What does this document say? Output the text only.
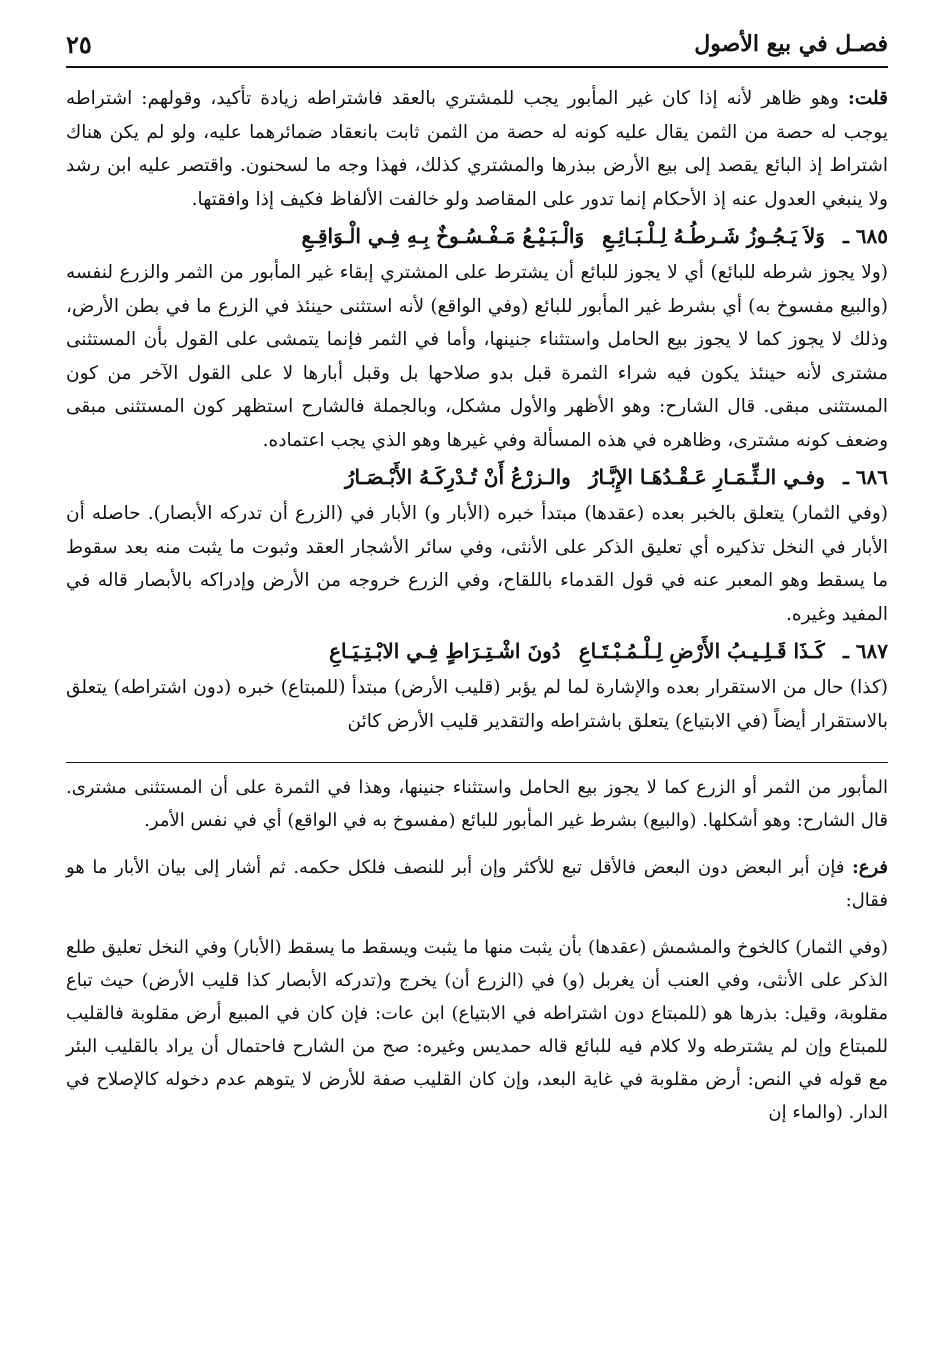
فصـل في بيع الأصول
٢٥

قلت: وهو ظاهر لأنه إذا كان غير المأبور يجب للمشتري بالعقد فاشتراطه زيادة تأكيد، وقولهم: اشتراطه يوجب له حصة من الثمن يقال عليه كونه له حصة من الثمن ثابت بانعقاد ضمائرهما عليه، ولو لم يكن هناك اشتراط إذ البائع يقصد إلى بيع الأرض ببذرها والمشتري كذلك، فهذا وجه ما لسحنون. واقتصر عليه ابن رشد ولا ينبغي العدول عنه إذ الأحكام إنما تدور على المقاصد ولو خالفت الألفاظ فكيف إذا وافقتها.

٦٨٥ ـ
وَلاَ يَـجُـوزُ شَـرطُـهُ لِـلْـبَـائِـعِ
وَالْـبَـيْـعُ مَـفْـسُـوخٌ بِـهِ فِـي الْـوَاقِـعِ

(ولا يجوز شرطه للبائع) أي لا يجوز للبائع أن يشترط على المشتري إبقاء غير المأبور من الثمر والزرع لنفسه (والبيع مفسوخ به) أي بشرط غير المأبور للبائع (وفي الواقع) لأنه استثنى حينئذ في الزرع ما في بطن الأرض، وذلك لا يجوز كما لا يجوز بيع الحامل واستثناء جنينها، وأما في الثمر فإنما يتمشى على القول بأن المستثنى مشترى لأنه حينئذ يكون فيه شراء الثمرة قبل بدو صلاحها بل وقبل أبارها لا على القول الآخر من كون المستثنى مبقى. قال الشارح: وهو الأظهر والأول مشكل، وبالجملة فالشارح استظهر كون المستثنى مبقى وضعف كونه مشترى، وظاهره في هذه المسألة وفي غيرها وهو الذي يجب اعتماده.

٦٨٦ ـ
وفـي الـثِّـمَـارِ عَـقْـدُهَـا الإِبَّـارُ
والـزرْعُ أَنْ تُـدْرِكَـهُ الأَبْـصَـارُ

(وفي الثمار) يتعلق بالخبر بعده (عقدها) مبتدأ خبره (الأبار و) الأبار في (الزرع أن تدركه الأبصار). حاصله أن الأبار في النخل تذكيره أي تعليق الذكر على الأنثى، وفي سائر الأشجار العقد وثبوت ما يثبت منه بعد سقوط ما يسقط وهو المعبر عنه في قول القدماء باللقاح، وفي الزرع خروجه من الأرض وإدراكه بالأبصار قاله في المفيد وغيره.

٦٨٧ ـ
كَـذَا قَـلِـيـبُ الأَرْضِ لِـلْـمُـبْـتَـاعِ
دُونَ اشْـتِـرَاطٍ فِـي الابْـتِـيَـاعِ

(كذا) حال من الاستقرار بعده والإشارة لما لم يؤبر (قليب الأرض) مبتدأ (للمبتاع) خبره (دون اشتراطه) يتعلق بالاستقرار أيضاً (في الابتياع) يتعلق باشتراطه والتقدير قليب الأرض كائن

المأبور من الثمر أو الزرع كما لا يجوز بيع الحامل واستثناء جنينها، وهذا في الثمرة على أن المستثنى مشترى. قال الشارح: وهو أشكلها. (والبيع) بشرط غير المأبور للبائع (مفسوخ به في الواقع) أي في نفس الأمر.

فرع: فإن أبر البعض دون البعض فالأقل تبع للأكثر وإن أبر للنصف فلكل حكمه. ثم أشار إلى بيان الأبار ما هو فقال:

(وفي الثمار) كالخوخ والمشمش (عقدها) بأن يثبت منها ما يثبت ويسقط ما يسقط (الأبار) وفي النخل تعليق طلع الذكر على الأنثى، وفي العنب أن يغربل (و) في (الزرع أن) يخرج و(تدركه الأبصار كذا قليب الأرض) حيث تباع مقلوبة، وقيل: بذرها هو (للمبتاع دون اشتراطه في الابتياع) ابن عات: فإن كان في المبيع أرض مقلوبة فالقليب للمبتاع وإن لم يشترطه ولا كلام فيه للبائع قاله حمديس وغيره: صح من الشارح فاحتمال أن يراد بالقليب البئر مع قوله في النص: أرض مقلوبة في غاية البعد، وإن كان القليب صفة للأرض لا يتوهم عدم دخوله كالإصلاح في الدار. (والماء إن
